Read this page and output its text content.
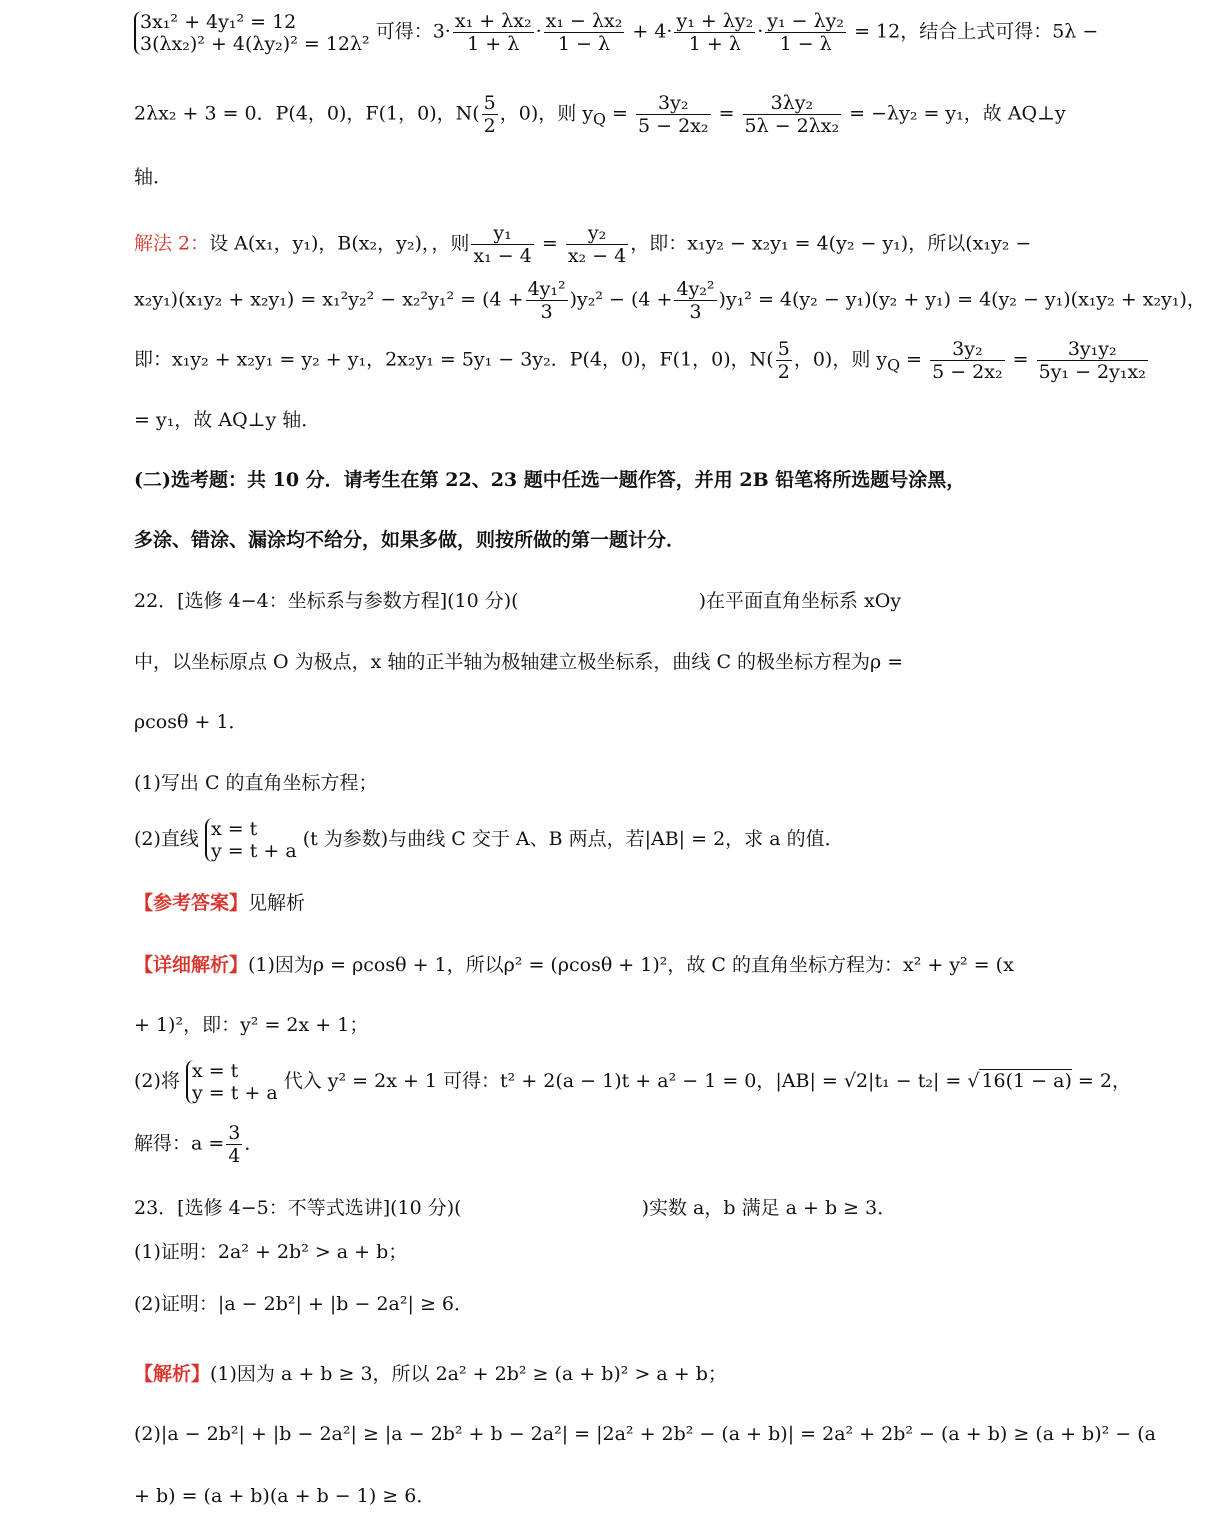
3x₁² + 4y₁² = 12
3(λx₂)² + 4(λy₂)² = 12λ²
可得：$3\cdot \frac{\text{x₁ + λx₂}}{1 + \lambda} \cdot \frac{\text{x₁ − λx₂}}{1 - \lambda} + 4\cdot \frac{\text{y₁ + λy₂}}{1 + \lambda} \cdot \frac{\text{y₁ − λy₂}}{1 - \lambda} = 12$，结合上式可得：5λ −
2λx₂ + 3 = 0．P(4，0)，F(1，0)，$N( \frac{5}{2}$ ，0)，则 $y_Q = \frac{\text{3y₂}}{\text{5 − 2x₂}} = \frac{\text{3λy₂}}{\text{5λ − 2λx₂}} = -\lambda y_2 = y_1$，故 AQ⊥y
轴．
解法 2：设 A(x₁，y₁)，B(x₂，y₂)，，则 $\frac{\text{y₁}}{\text{x₁ − 4}} = \frac{\text{y₂}}{\text{x₂ − 4}}$ ，即：x₁y₂ − x₂y₁ = 4(y₂ − y₁)，所以(x₁y₂ −
$x_2y_1)(x_1y_2 + x_2y_1) = x_1^2y_2^2 - x_2^2y_1^2 = (4 + \frac{\text{4y₁²}}{3} )y_2^2 - (4 + \frac{\text{4y₂²}}{3} )y_1^2 = 4(y_2 - y_1)(y_2 + y_1) = 4(y_2 - y_1)(x_1y_2 + x_2y_1)$，
即：x₁y₂ + x₂y₁ = y₂ + y₁，2x₂y₁ = 5y₁ − 3y₂．P(4，0)，F(1，0)，$N( \frac{5}{2}$ ，0)，则 $y_Q = \frac{\text{3y₂}}{\text{5 − 2x₂}} = \frac{\text{3y₁y₂}}{\text{5y₁ − 2y₁x₂}}$
= y₁，故 AQ⊥y 轴．
(二)选考题：共 10 分．请考生在第 22、23 题中任选一题作答，并用 2B 铅笔将所选题号涂黑，
多涂、错涂、漏涂均不给分，如果多做，则按所做的第一题计分．
22．[选修 4−4：坐标系与参数方程](10 分)(	)在平面直角坐标系 xOy
中，以坐标原点 O 为极点，x 轴的正半轴为极轴建立极坐标系，曲线 C 的极坐标方程为ρ =
ρcosθ + 1．
(1)写出 C 的直角坐标方程；
(2)直线 x = t
y = t + a
(t 为参数)与曲线 C 交于 A、B 两点，若|AB| = 2，求 a 的值．
【参考答案】见解析
【详细解析】(1)因为ρ = ρcosθ + 1，所以ρ² = (ρcosθ + 1)²，故 C 的直角坐标方程为：x² + y² = (x
+ 1)²，即：y² = 2x + 1；
(2)将 x = t
y = t + a
代入 y² = 2x + 1 可得：t² + 2(a − 1)t + a² − 1 = 0，|AB| = √2|t₁ − t₂| = √ 16(1 − a) = 2，
解得：$a = \frac{3}{4}$ ．
23．[选修 4−5：不等式选讲](10 分)(	)实数 a，b 满足 a + b ≥ 3．
(1)证明：2a² + 2b² > a + b；
(2)证明：|a − 2b²| + |b − 2a²| ≥ 6．
【解析】(1)因为 a + b ≥ 3，所以 2a² + 2b² ≥ (a + b)² > a + b；
(2)|a − 2b²| + |b − 2a²| ≥ |a − 2b² + b − 2a²| = |2a² + 2b² − (a + b)| = 2a² + 2b² − (a + b) ≥ (a + b)² − (a
+ b) = (a + b)(a + b − 1) ≥ 6．
